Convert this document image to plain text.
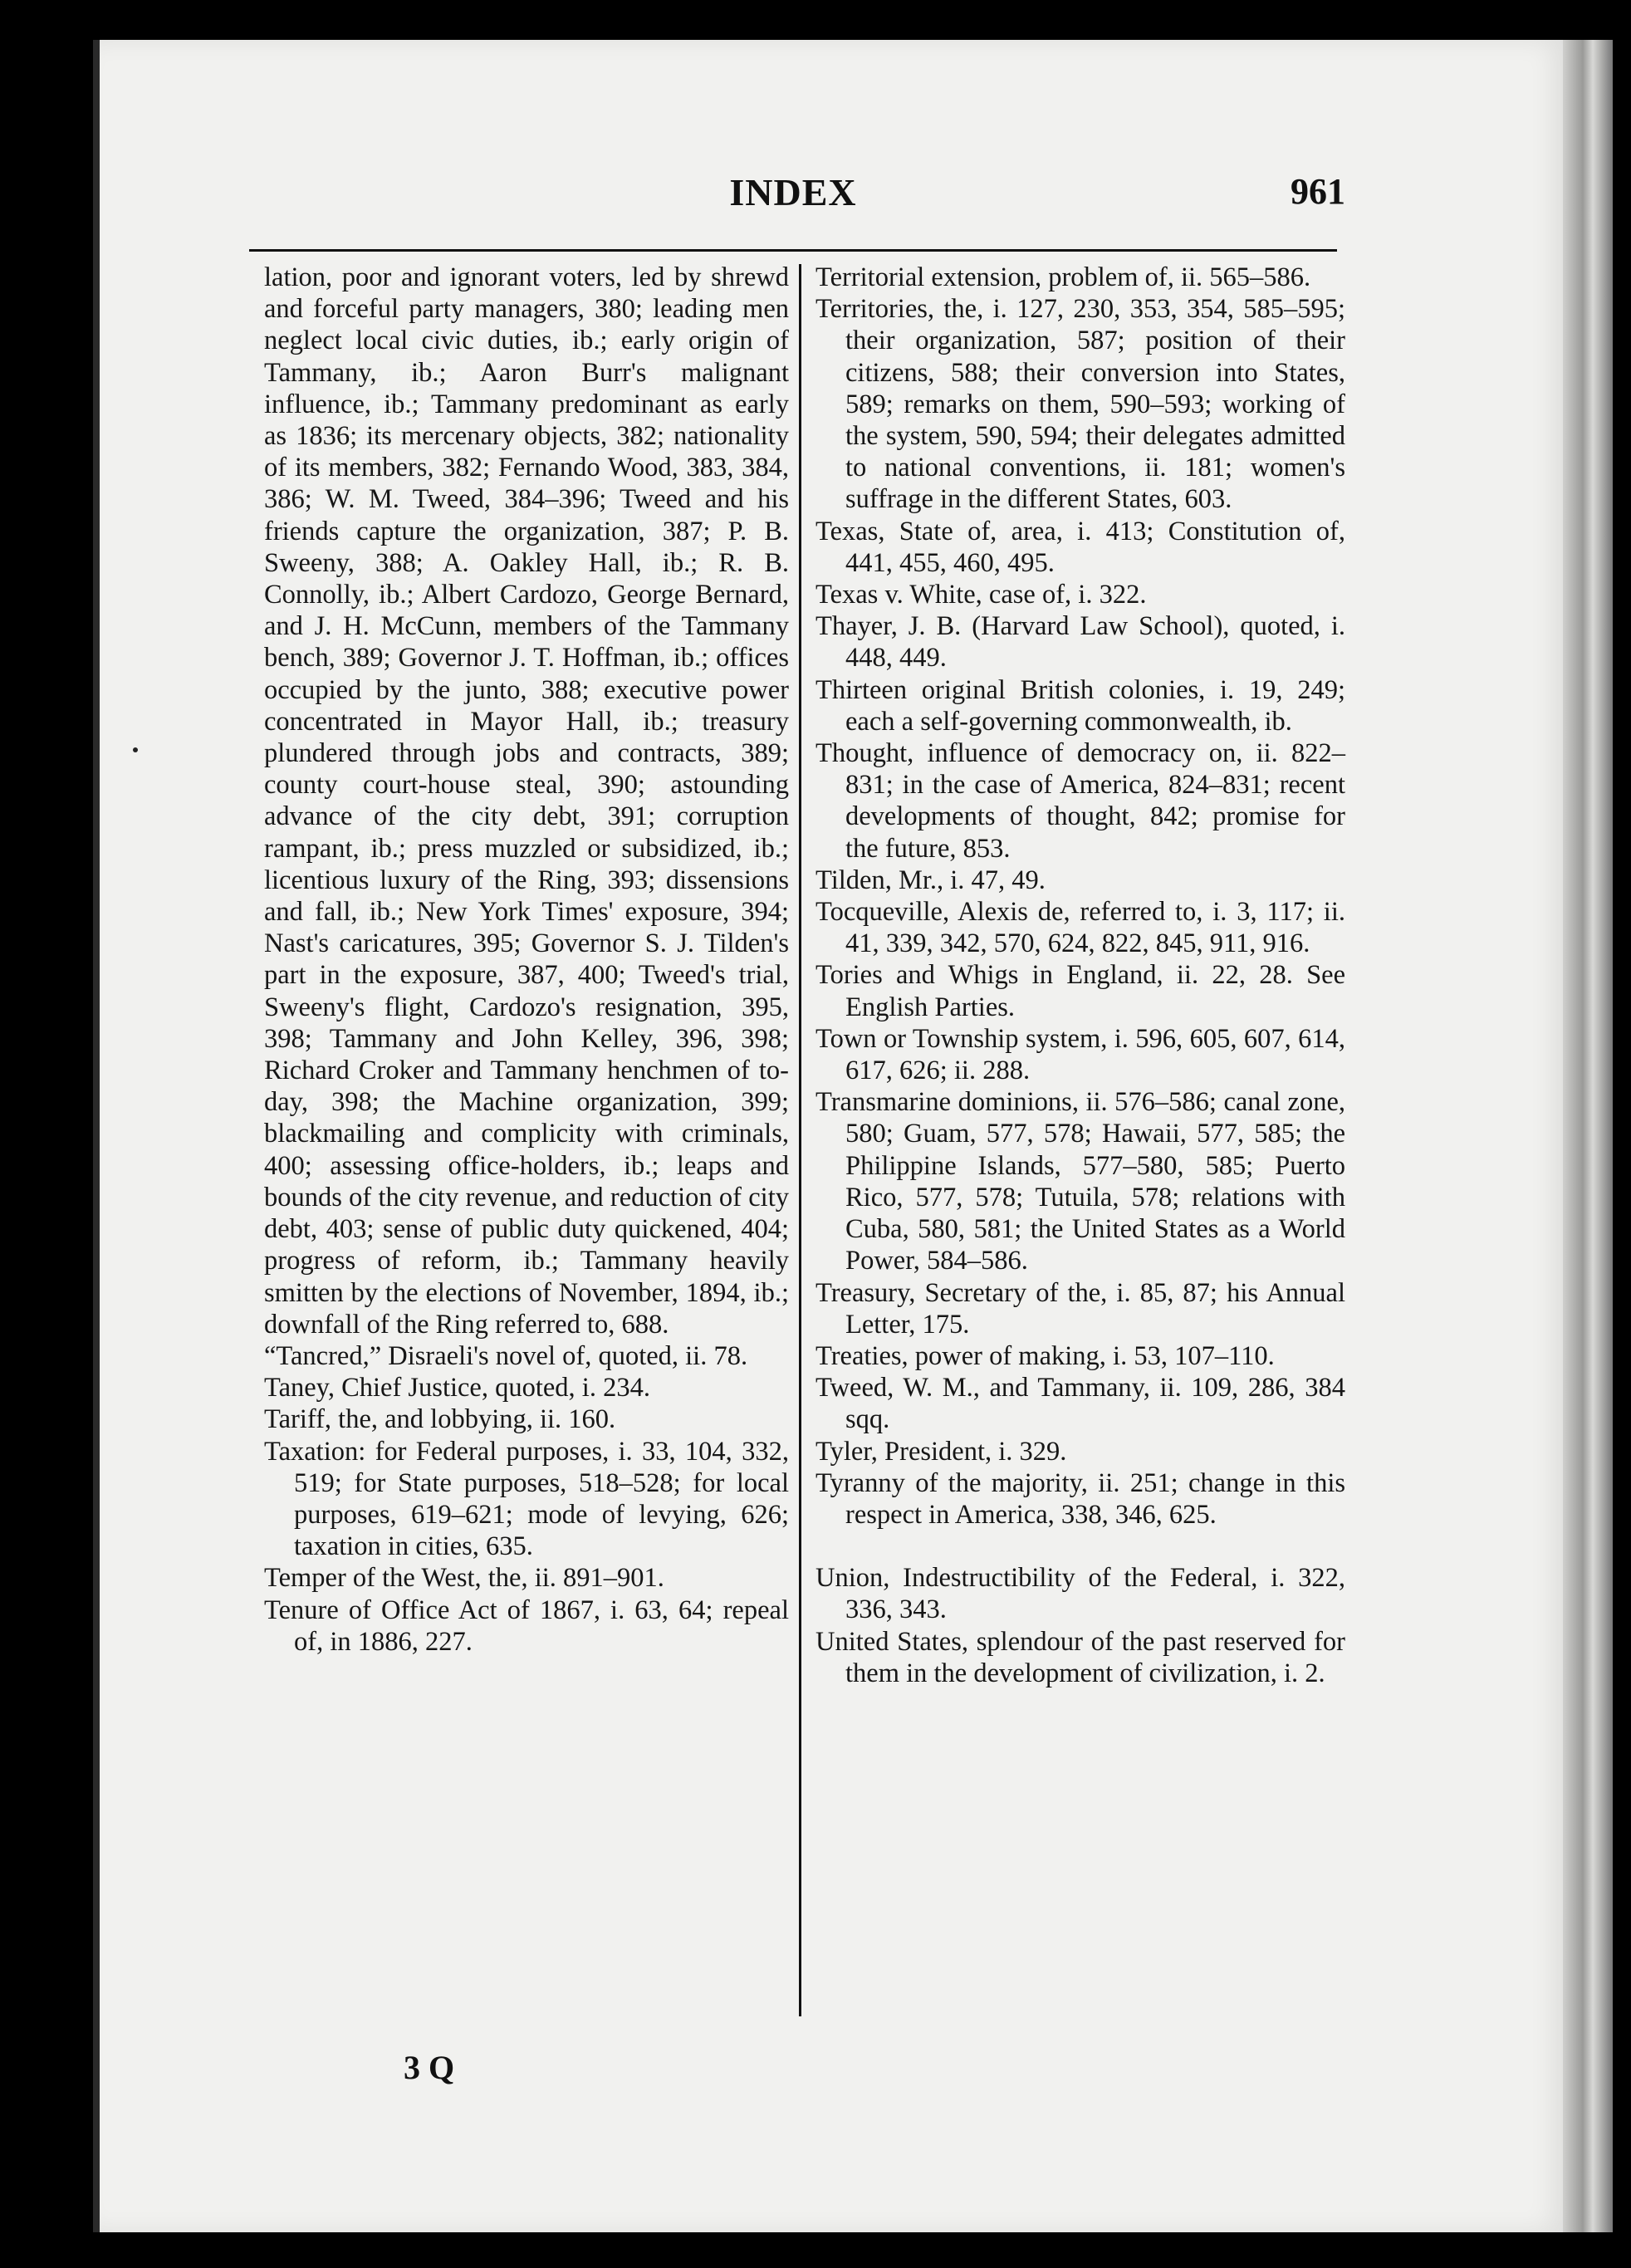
INDEX	961

lation, poor and ignorant voters, led by shrewd and forceful party managers, 380; leading men neglect local civic duties, ib.; early origin of Tammany, ib.; Aaron Burr's malignant influence, ib.; Tammany predominant as early as 1836; its mercenary objects, 382; nationality of its members, 382; Fernando Wood, 383, 384, 386; W. M. Tweed, 384–396; Tweed and his friends capture the organization, 387; P. B. Sweeny, 388; A. Oakley Hall, ib.; R. B. Connolly, ib.; Albert Cardozo, George Bernard, and J. H. McCunn, members of the Tammany bench, 389; Governor J. T. Hoffman, ib.; offices occupied by the junto, 388; executive power concentrated in Mayor Hall, ib.; treasury plundered through jobs and contracts, 389; county court-house steal, 390; astounding advance of the city debt, 391; corruption rampant, ib.; press muzzled or subsidized, ib.; licentious luxury of the Ring, 393; dissensions and fall, ib.; New York Times' exposure, 394; Nast's caricatures, 395; Governor S. J. Tilden's part in the exposure, 387, 400; Tweed's trial, Sweeny's flight, Cardozo's resignation, 395, 398; Tammany and John Kelley, 396, 398; Richard Croker and Tammany henchmen of to-day, 398; the Machine organization, 399; blackmailing and complicity with criminals, 400; assessing office-holders, ib.; leaps and bounds of the city revenue, and reduction of city debt, 403; sense of public duty quickened, 404; progress of reform, ib.; Tammany heavily smitten by the elections of November, 1894, ib.; downfall of the Ring referred to, 688.

“Tancred,” Disraeli's novel of, quoted, ii. 78.

Taney, Chief Justice, quoted, i. 234.

Tariff, the, and lobbying, ii. 160.

Taxation: for Federal purposes, i. 33, 104, 332, 519; for State purposes, 518–528; for local purposes, 619–621; mode of levying, 626; taxation in cities, 635.

Temper of the West, the, ii. 891–901.

Tenure of Office Act of 1867, i. 63, 64; repeal of, in 1886, 227.

Territorial extension, problem of, ii. 565–586.

Territories, the, i. 127, 230, 353, 354, 585–595; their organization, 587; position of their citizens, 588; their conversion into States, 589; remarks on them, 590–593; working of the system, 590, 594; their delegates admitted to national conventions, ii. 181; women's suffrage in the different States, 603.

Texas, State of, area, i. 413; Constitution of, 441, 455, 460, 495.

Texas v. White, case of, i. 322.

Thayer, J. B. (Harvard Law School), quoted, i. 448, 449.

Thirteen original British colonies, i. 19, 249; each a self-governing commonwealth, ib.

Thought, influence of democracy on, ii. 822–831; in the case of America, 824–831; recent developments of thought, 842; promise for the future, 853.

Tilden, Mr., i. 47, 49.

Tocqueville, Alexis de, referred to, i. 3, 117; ii. 41, 339, 342, 570, 624, 822, 845, 911, 916.

Tories and Whigs in England, ii. 22, 28. See English Parties.

Town or Township system, i. 596, 605, 607, 614, 617, 626; ii. 288.

Transmarine dominions, ii. 576–586; canal zone, 580; Guam, 577, 578; Hawaii, 577, 585; the Philippine Islands, 577–580, 585; Puerto Rico, 577, 578; Tutuila, 578; relations with Cuba, 580, 581; the United States as a World Power, 584–586.

Treasury, Secretary of the, i. 85, 87; his Annual Letter, 175.

Treaties, power of making, i. 53, 107–110.

Tweed, W. M., and Tammany, ii. 109, 286, 384 sqq.

Tyler, President, i. 329.

Tyranny of the majority, ii. 251; change in this respect in America, 338, 346, 625.

Union, Indestructibility of the Federal, i. 322, 336, 343.

United States, splendour of the past reserved for them in the development of civilization, i. 2.

3 Q
